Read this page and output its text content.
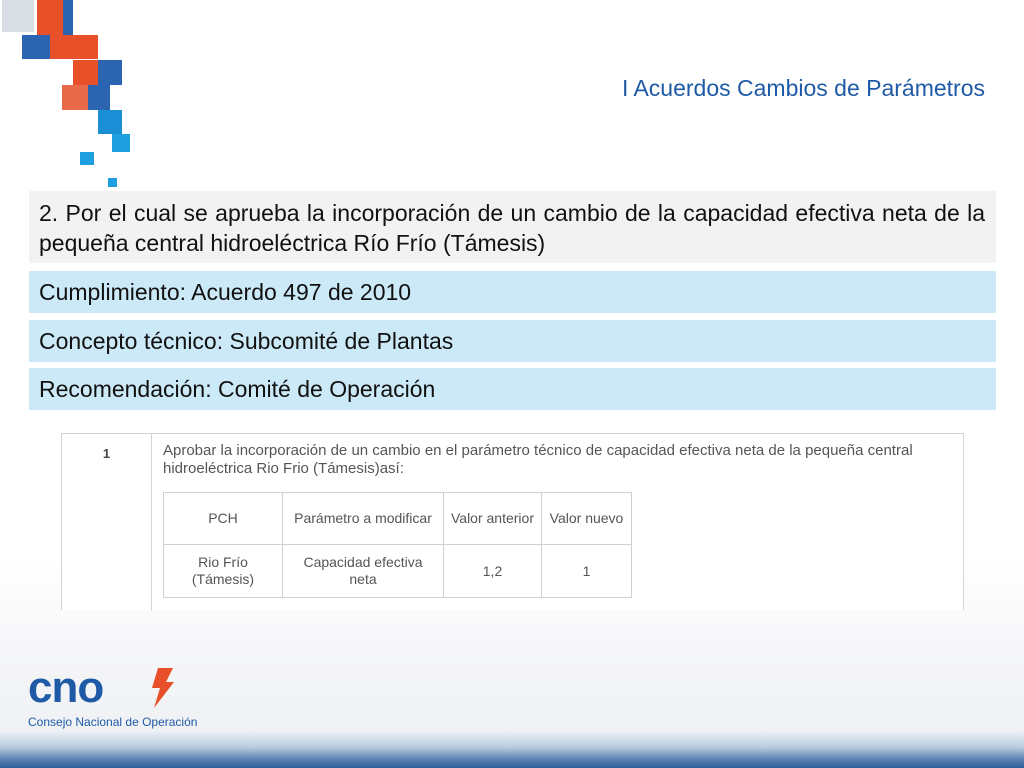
I Acuerdos Cambios de Parámetros
2. Por el cual se aprueba la incorporación de un cambio de la capacidad efectiva neta de la pequeña central hidroeléctrica Río Frío (Támesis)
Cumplimiento: Acuerdo 497 de 2010
Concepto técnico: Subcomité de Plantas
Recomendación: Comité de Operación
1	Aprobar la incorporación de un cambio en el parámetro técnico de capacidad efectiva neta de la pequeña central hidroeléctrica Rio Frio (Támesis)así:
PCH	Parámetro a modificar	Valor anterior	Valor nuevo
Rio Frío (Támesis)	Capacidad efectiva neta	1,2	1
cno
Consejo Nacional de Operación
